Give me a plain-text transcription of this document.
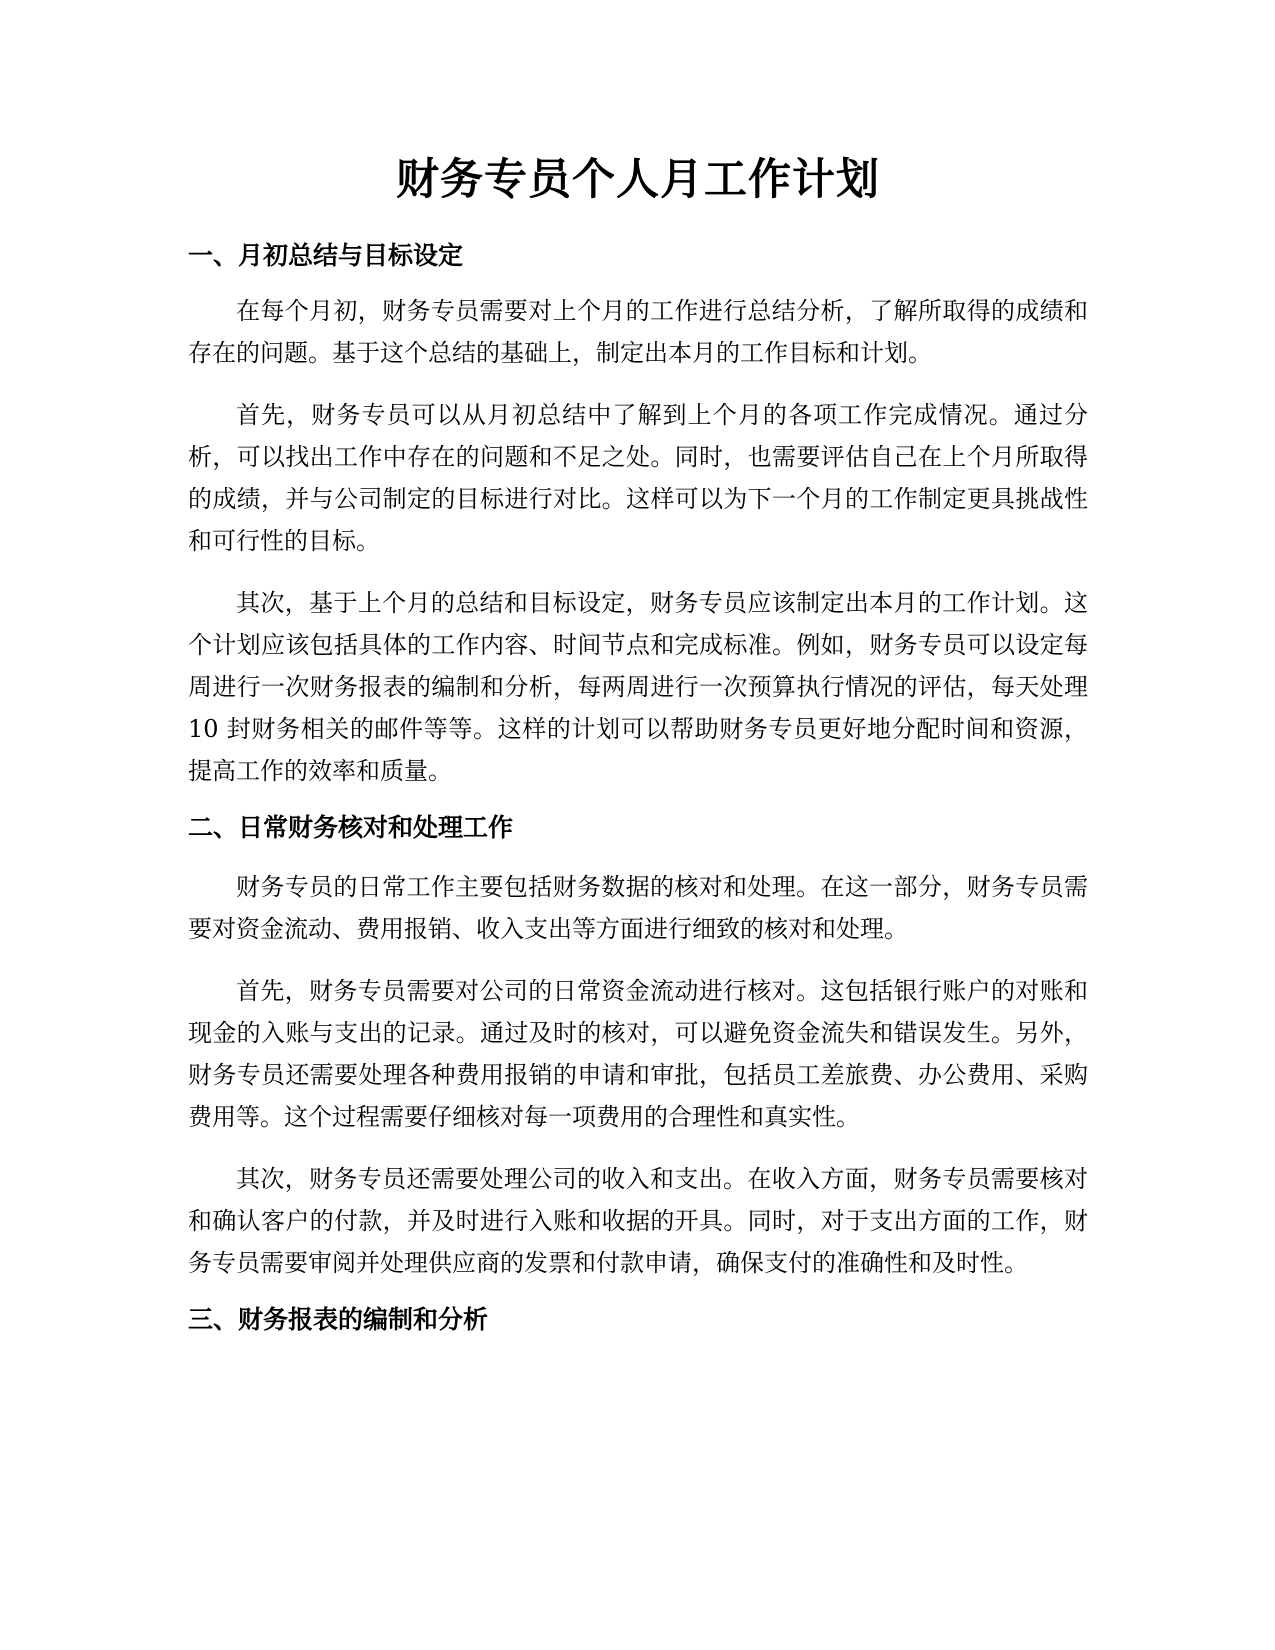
财务专员个人月工作计划
一、月初总结与目标设定

在每个月初，财务专员需要对上个月的工作进行总结分析，了解所取得的成绩和存在的问题。基于这个总结的基础上，制定出本月的工作目标和计划。

首先，财务专员可以从月初总结中了解到上个月的各项工作完成情况。通过分析，可以找出工作中存在的问题和不足之处。同时，也需要评估自己在上个月所取得的成绩，并与公司制定的目标进行对比。这样可以为下一个月的工作制定更具挑战性和可行性的目标。

其次，基于上个月的总结和目标设定，财务专员应该制定出本月的工作计划。这个计划应该包括具体的工作内容、时间节点和完成标准。例如，财务专员可以设定每周进行一次财务报表的编制和分析，每两周进行一次预算执行情况的评估，每天处理 10 封财务相关的邮件等等。这样的计划可以帮助财务专员更好地分配时间和资源，提高工作的效率和质量。

二、日常财务核对和处理工作

财务专员的日常工作主要包括财务数据的核对和处理。在这一部分，财务专员需要对资金流动、费用报销、收入支出等方面进行细致的核对和处理。

首先，财务专员需要对公司的日常资金流动进行核对。这包括银行账户的对账和现金的入账与支出的记录。通过及时的核对，可以避免资金流失和错误发生。另外，财务专员还需要处理各种费用报销的申请和审批，包括员工差旅费、办公费用、采购费用等。这个过程需要仔细核对每一项费用的合理性和真实性。

其次，财务专员还需要处理公司的收入和支出。在收入方面，财务专员需要核对和确认客户的付款，并及时进行入账和收据的开具。同时，对于支出方面的工作，财务专员需要审阅并处理供应商的发票和付款申请，确保支付的准确性和及时性。

三、财务报表的编制和分析
